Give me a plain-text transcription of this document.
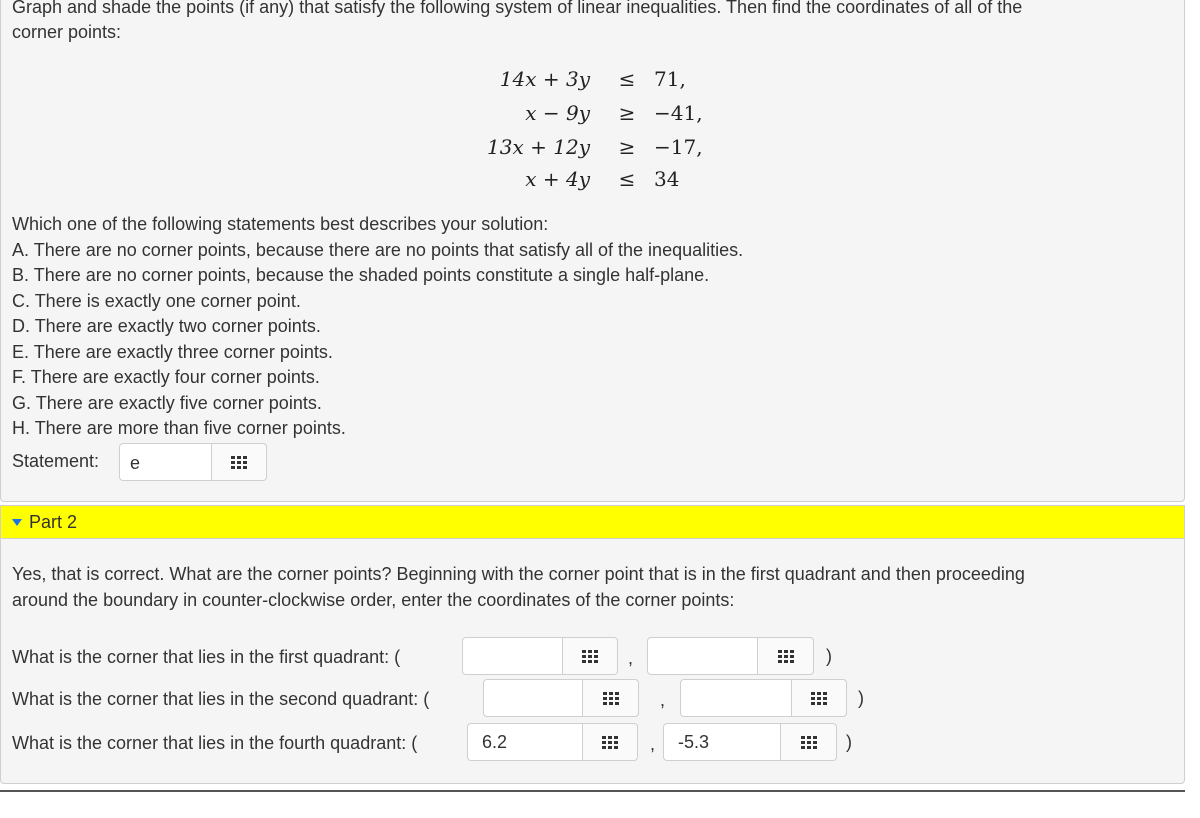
Graph and shade the points (if any) that satisfy the following system of linear inequalities. Then find the coordinates of all of the
corner points:
14x + 3y	≤ 71,
x − 9y	≥ −41,
13x + 12y	≥ −17,
x + 4y	≤ 34
Which one of the following statements best describes your solution:
A. There are no corner points, because there are no points that satisfy all of the inequalities.
B. There are no corner points, because the shaded points constitute a single half-plane.
C. There is exactly one corner point.
D. There are exactly two corner points.
E. There are exactly three corner points.
F. There are exactly four corner points.
G. There are exactly five corner points.
H. There are more than five corner points.
Statement:	e
Part 2
Yes, that is correct. What are the corner points? Beginning with the corner point that is in the first quadrant and then proceeding
around the boundary in counter-clockwise order, enter the coordinates of the corner points:
What is the corner that lies in the first quadrant: (	,	)
What is the corner that lies in the second quadrant: (	,	)
What is the corner that lies in the fourth quadrant: (	6.2	,	-5.3	)
